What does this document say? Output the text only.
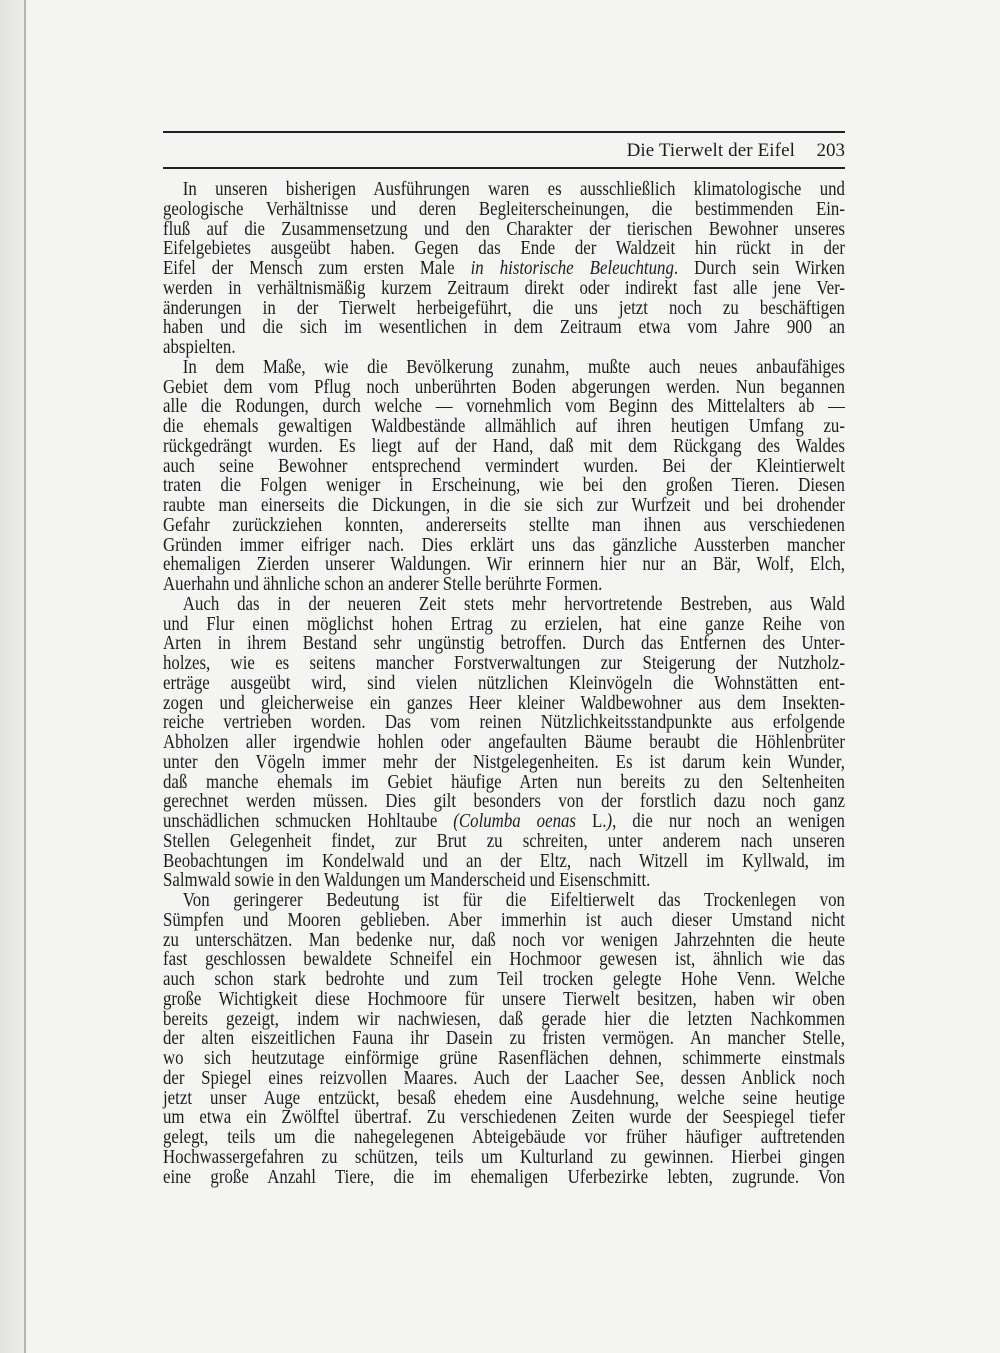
Die Tierwelt der Eifel 203
In unseren bisherigen Ausführungen waren es ausschließlich klimatologische und
geologische Verhältnisse und deren Begleiterscheinungen, die bestimmenden Ein-
fluß auf die Zusammensetzung und den Charakter der tierischen Bewohner unseres
Eifelgebietes ausgeübt haben. Gegen das Ende der Waldzeit hin rückt in der
Eifel der Mensch zum ersten Male in historische Beleuchtung. Durch sein Wirken
werden in verhältnismäßig kurzem Zeitraum direkt oder indirekt fast alle jene Ver-
änderungen in der Tierwelt herbeigeführt, die uns jetzt noch zu beschäftigen
haben und die sich im wesentlichen in dem Zeitraum etwa vom Jahre 900 an
abspielten.
In dem Maße, wie die Bevölkerung zunahm, mußte auch neues anbaufähiges
Gebiet dem vom Pflug noch unberührten Boden abgerungen werden. Nun begannen
alle die Rodungen, durch welche — vornehmlich vom Beginn des Mittelalters ab —
die ehemals gewaltigen Waldbestände allmählich auf ihren heutigen Umfang zu-
rückgedrängt wurden. Es liegt auf der Hand, daß mit dem Rückgang des Waldes
auch seine Bewohner entsprechend vermindert wurden. Bei der Kleintierwelt
traten die Folgen weniger in Erscheinung, wie bei den großen Tieren. Diesen
raubte man einerseits die Dickungen, in die sie sich zur Wurfzeit und bei drohender
Gefahr zurückziehen konnten, andererseits stellte man ihnen aus verschiedenen
Gründen immer eifriger nach. Dies erklärt uns das gänzliche Aussterben mancher
ehemaligen Zierden unserer Waldungen. Wir erinnern hier nur an Bär, Wolf, Elch,
Auerhahn und ähnliche schon an anderer Stelle berührte Formen.
Auch das in der neueren Zeit stets mehr hervortretende Bestreben, aus Wald
und Flur einen möglichst hohen Ertrag zu erzielen, hat eine ganze Reihe von
Arten in ihrem Bestand sehr ungünstig betroffen. Durch das Entfernen des Unter-
holzes, wie es seitens mancher Forstverwaltungen zur Steigerung der Nutzholz-
erträge ausgeübt wird, sind vielen nützlichen Kleinvögeln die Wohnstätten ent-
zogen und gleicherweise ein ganzes Heer kleiner Waldbewohner aus dem Insekten-
reiche vertrieben worden. Das vom reinen Nützlichkeitsstandpunkte aus erfolgende
Abholzen aller irgendwie hohlen oder angefaulten Bäume beraubt die Höhlenbrüter
unter den Vögeln immer mehr der Nistgelegenheiten. Es ist darum kein Wunder,
daß manche ehemals im Gebiet häufige Arten nun bereits zu den Seltenheiten
gerechnet werden müssen. Dies gilt besonders von der forstlich dazu noch ganz
unschädlichen schmucken Hohltaube (Columba oenas L.), die nur noch an wenigen
Stellen Gelegenheit findet, zur Brut zu schreiten, unter anderem nach unseren
Beobachtungen im Kondelwald und an der Eltz, nach Witzell im Kyllwald, im
Salmwald sowie in den Waldungen um Manderscheid und Eisenschmitt.
Von geringerer Bedeutung ist für die Eifeltierwelt das Trockenlegen von
Sümpfen und Mooren geblieben. Aber immerhin ist auch dieser Umstand nicht
zu unterschätzen. Man bedenke nur, daß noch vor wenigen Jahrzehnten die heute
fast geschlossen bewaldete Schneifel ein Hochmoor gewesen ist, ähnlich wie das
auch schon stark bedrohte und zum Teil trocken gelegte Hohe Venn. Welche
große Wichtigkeit diese Hochmoore für unsere Tierwelt besitzen, haben wir oben
bereits gezeigt, indem wir nachwiesen, daß gerade hier die letzten Nachkommen
der alten eiszeitlichen Fauna ihr Dasein zu fristen vermögen. An mancher Stelle,
wo sich heutzutage einförmige grüne Rasenflächen dehnen, schimmerte einstmals
der Spiegel eines reizvollen Maares. Auch der Laacher See, dessen Anblick noch
jetzt unser Auge entzückt, besaß ehedem eine Ausdehnung, welche seine heutige
um etwa ein Zwölftel übertraf. Zu verschiedenen Zeiten wurde der Seespiegel tiefer
gelegt, teils um die nahegelegenen Abteigebäude vor früher häufiger auftretenden
Hochwassergefahren zu schützen, teils um Kulturland zu gewinnen. Hierbei gingen
eine große Anzahl Tiere, die im ehemaligen Uferbezirke lebten, zugrunde. Von
